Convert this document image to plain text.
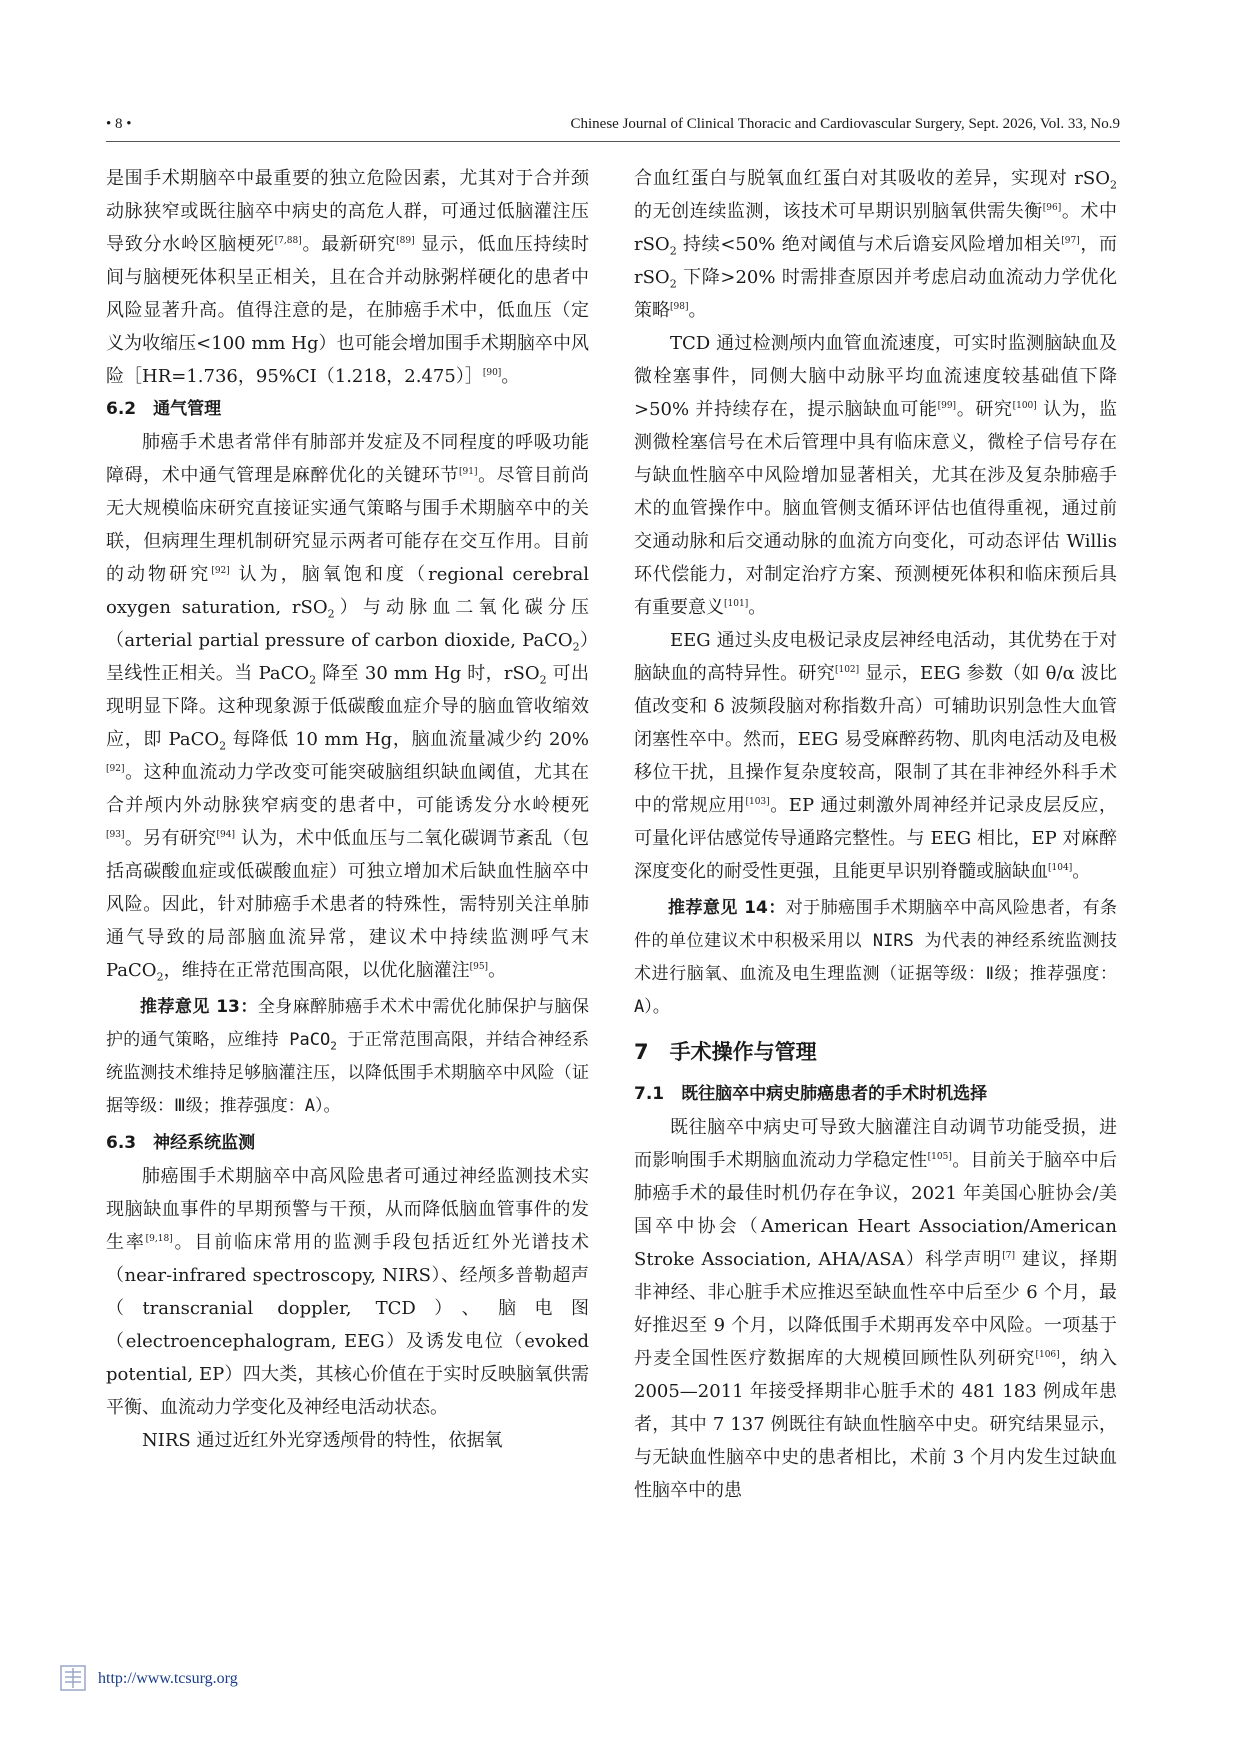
• 8 •	Chinese Journal of Clinical Thoracic and Cardiovascular Surgery, Sept. 2026, Vol. 33, No.9

是围手术期脑卒中最重要的独立危险因素，尤其对于合并颈动脉狭窄或既往脑卒中病史的高危人群，可通过低脑灌注压导致分水岭区脑梗死[7,88]。最新研究[89] 显示，低血压持续时间与脑梗死体积呈正相关，且在合并动脉粥样硬化的患者中风险显著升高。值得注意的是，在肺癌手术中，低血压（定义为收缩压<100 mm Hg）也可能会增加围手术期脑卒中风险［HR=1.736，95%CI（1.218，2.475）］[90]。

6.2　通气管理

肺癌手术患者常伴有肺部并发症及不同程度的呼吸功能障碍，术中通气管理是麻醉优化的关键环节[91]。尽管目前尚无大规模临床研究直接证实通气策略与围手术期脑卒中的关联，但病理生理机制研究显示两者可能存在交互作用。目前的动物研究[92] 认为，脑氧饱和度（regional cerebral oxygen saturation, rSO$_2$）与动脉血二氧化碳分压（arterial partial pressure of carbon dioxide, PaCO$_2$）呈线性正相关。当 PaCO$_2$ 降至 30 mm Hg 时，rSO$_2$ 可出现明显下降。这种现象源于低碳酸血症介导的脑血管收缩效应，即 PaCO$_2$ 每降低 10 mm Hg，脑血流量减少约 20%[92]。这种血流动力学改变可能突破脑组织缺血阈值，尤其在合并颅内外动脉狭窄病变的患者中，可能诱发分水岭梗死[93]。另有研究[94] 认为，术中低血压与二氧化碳调节紊乱（包括高碳酸血症或低碳酸血症）可独立增加术后缺血性脑卒中风险。因此，针对肺癌手术患者的特殊性，需特别关注单肺通气导致的局部脑血流异常，建议术中持续监测呼气末 PaCO$_2$，维持在正常范围高限，以优化脑灌注[95]。

推荐意见 13：全身麻醉肺癌手术术中需优化肺保护与脑保护的通气策略，应维持 PaCO$_2$ 于正常范围高限，并结合神经系统监测技术维持足够脑灌注压，以降低围手术期脑卒中风险（证据等级：Ⅲ级；推荐强度：A）。

6.3　神经系统监测

肺癌围手术期脑卒中高风险患者可通过神经监测技术实现脑缺血事件的早期预警与干预，从而降低脑血管事件的发生率[9,18]。目前临床常用的监测手段包括近红外光谱技术（near-infrared spectroscopy, NIRS）、经颅多普勒超声（transcranial doppler, TCD）、脑电图（electroencephalogram, EEG）及诱发电位（evoked potential, EP）四大类，其核心价值在于实时反映脑氧供需平衡、血流动力学变化及神经电活动状态。

NIRS 通过近红外光穿透颅骨的特性，依据氧

合血红蛋白与脱氧血红蛋白对其吸收的差异，实现对 rSO$_2$ 的无创连续监测，该技术可早期识别脑氧供需失衡[96]。术中 rSO$_2$ 持续<50% 绝对阈值与术后谵妄风险增加相关[97]，而 rSO$_2$ 下降>20% 时需排查原因并考虑启动血流动力学优化策略[98]。

TCD 通过检测颅内血管血流速度，可实时监测脑缺血及微栓塞事件，同侧大脑中动脉平均血流速度较基础值下降>50% 并持续存在，提示脑缺血可能[99]。研究[100] 认为，监测微栓塞信号在术后管理中具有临床意义，微栓子信号存在与缺血性脑卒中风险增加显著相关，尤其在涉及复杂肺癌手术的血管操作中。脑血管侧支循环评估也值得重视，通过前交通动脉和后交通动脉的血流方向变化，可动态评估 Willis 环代偿能力，对制定治疗方案、预测梗死体积和临床预后具有重要意义[101]。

EEG 通过头皮电极记录皮层神经电活动，其优势在于对脑缺血的高特异性。研究[102] 显示，EEG 参数（如 θ/α 波比值改变和 δ 波频段脑对称指数升高）可辅助识别急性大血管闭塞性卒中。然而，EEG 易受麻醉药物、肌肉电活动及电极移位干扰，且操作复杂度较高，限制了其在非神经外科手术中的常规应用[103]。EP 通过刺激外周神经并记录皮层反应，可量化评估感觉传导通路完整性。与 EEG 相比，EP 对麻醉深度变化的耐受性更强，且能更早识别脊髓或脑缺血[104]。

推荐意见 14：对于肺癌围手术期脑卒中高风险患者，有条件的单位建议术中积极采用以 NIRS 为代表的神经系统监测技术进行脑氧、血流及电生理监测（证据等级：Ⅱ级；推荐强度：A）。

7　手术操作与管理
7.1　既往脑卒中病史肺癌患者的手术时机选择

既往脑卒中病史可导致大脑灌注自动调节功能受损，进而影响围手术期脑血流动力学稳定性[105]。目前关于脑卒中后肺癌手术的最佳时机仍存在争议，2021 年美国心脏协会/美国卒中协会（American Heart Association/American Stroke Association, AHA/ASA）科学声明[7] 建议，择期非神经、非心脏手术应推迟至缺血性卒中后至少 6 个月，最好推迟至 9 个月，以降低围手术期再发卒中风险。一项基于丹麦全国性医疗数据库的大规模回顾性队列研究[106]，纳入 2005—2011 年接受择期非心脏手术的 481 183 例成年患者，其中 7 137 例既往有缺血性脑卒中史。研究结果显示，与无缺血性脑卒中史的患者相比，术前 3 个月内发生过缺血性脑卒中的患

http://www.tcsurg.org
